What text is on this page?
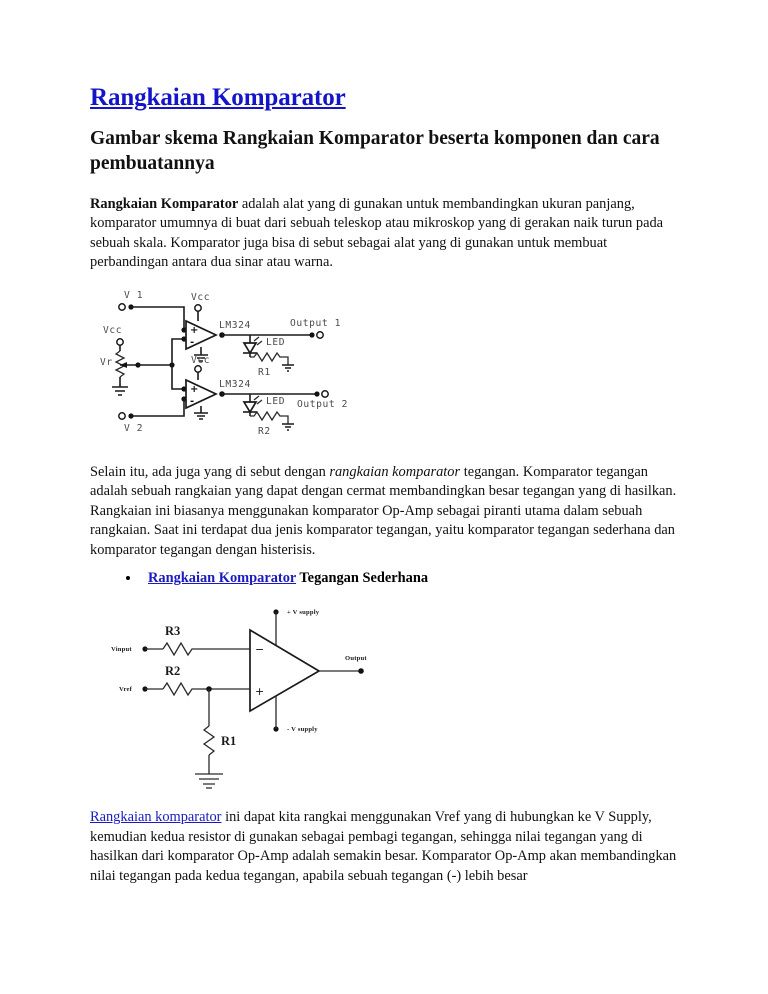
Rangkaian Komparator
Gambar skema Rangkaian Komparator beserta komponen dan cara pembuatannya

Rangkaian Komparator adalah alat yang di gunakan untuk membandingkan ukuran panjang, komparator umumnya di buat dari sebuah teleskop atau mikroskop yang di gerakan naik turun pada sebuah skala. Komparator juga bisa di sebut sebagai alat yang di gunakan untuk membuat perbandingan antara dua sinar atau warna.

V 1
Vcc
Vr
+
-
Vcc
LM324	Output 1
LED
R1
+
-
Vcc
LM324
Output 2
LED
R2
V 2

Selain itu, ada juga yang di sebut dengan rangkaian komparator tegangan. Komparator tegangan adalah sebuah rangkaian yang dapat dengan cermat membandingkan besar tegangan yang di hasilkan. Rangkaian ini biasanya menggunakan komparator Op-Amp sebagai piranti utama dalam sebuah rangkaian. Saat ini terdapat dua jenis komparator tegangan, yaitu komparator tegangan sederhana dan komparator tegangan dengan histerisis.

Rangkaian Komparator Tegangan Sederhana
+ V supply
- V supply
−
+
Vinput
R3
Vref
R2
R1
Output

Rangkaian komparator ini dapat kita rangkai menggunakan Vref yang di hubungkan ke V Supply, kemudian kedua resistor di gunakan sebagai pembagi tegangan, sehingga nilai tegangan yang di hasilkan dari komparator Op-Amp adalah semakin besar. Komparator Op-Amp akan membandingkan nilai tegangan pada kedua tegangan, apabila sebuah tegangan (-) lebih besar
